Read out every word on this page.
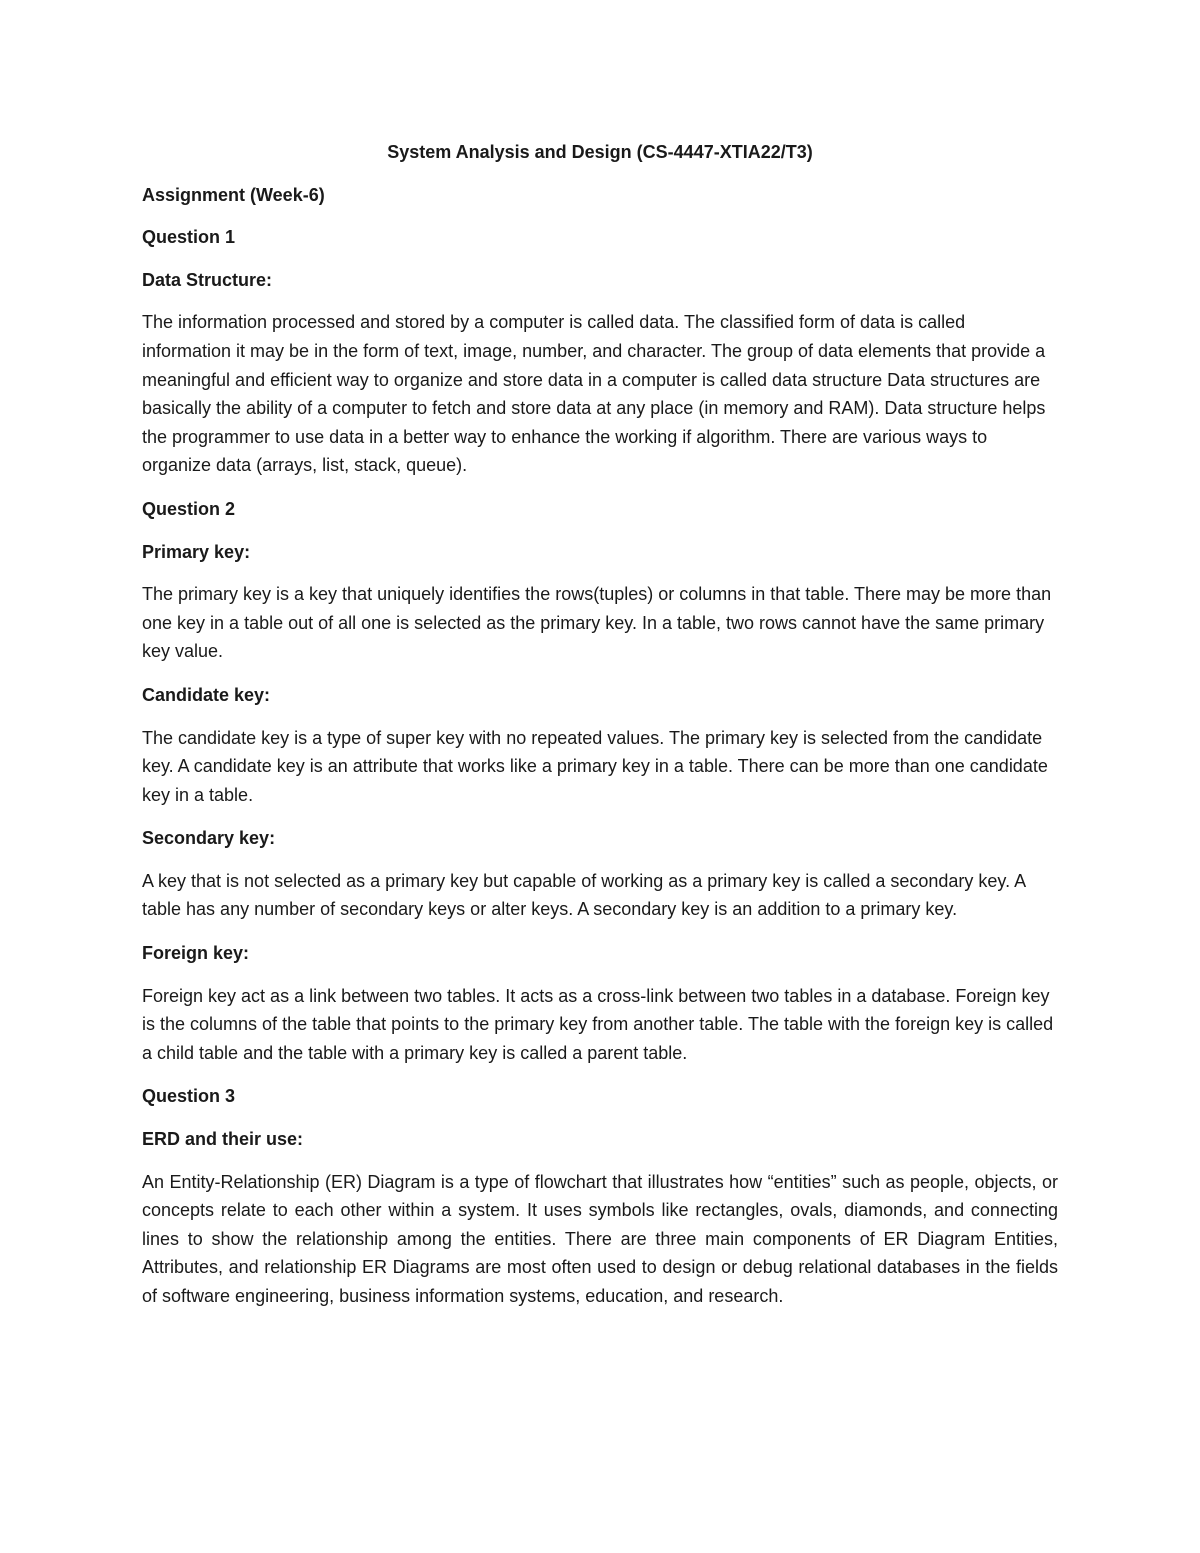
System Analysis and Design (CS-4447-XTIA22/T3)
Assignment (Week-6)
Question 1
Data Structure:
The information processed and stored by a computer is called data. The classified form of data is called information it may be in the form of text, image, number, and character. The group of data elements that provide a meaningful and efficient way to organize and store data in a computer is called data structure Data structures are basically the ability of a computer to fetch and store data at any place (in memory and RAM). Data structure helps the programmer to use data in a better way to enhance the working if algorithm. There are various ways to organize data (arrays, list, stack, queue).
Question 2
Primary key:
The primary key is a key that uniquely identifies the rows(tuples) or columns in that table. There may be more than one key in a table out of all one is selected as the primary key. In a table, two rows cannot have the same primary key value.
Candidate key:
The candidate key is a type of super key with no repeated values. The primary key is selected from the candidate key. A candidate key is an attribute that works like a primary key in a table. There can be more than one candidate key in a table.
Secondary key:
A key that is not selected as a primary key but capable of working as a primary key is called a secondary key. A table has any number of secondary keys or alter keys. A secondary key is an addition to a primary key.
Foreign key:
Foreign key act as a link between two tables. It acts as a cross-link between two tables in a database. Foreign key is the columns of the table that points to the primary key from another table. The table with the foreign key is called a child table and the table with a primary key is called a parent table.
Question 3
ERD and their use:
An Entity-Relationship (ER) Diagram is a type of flowchart that illustrates how “entities” such as people, objects, or concepts relate to each other within a system. It uses symbols like rectangles, ovals, diamonds, and connecting lines to show the relationship among the entities. There are three main components of ER Diagram Entities, Attributes, and relationship ER Diagrams are most often used to design or debug relational databases in the fields of software engineering, business information systems, education, and research.
